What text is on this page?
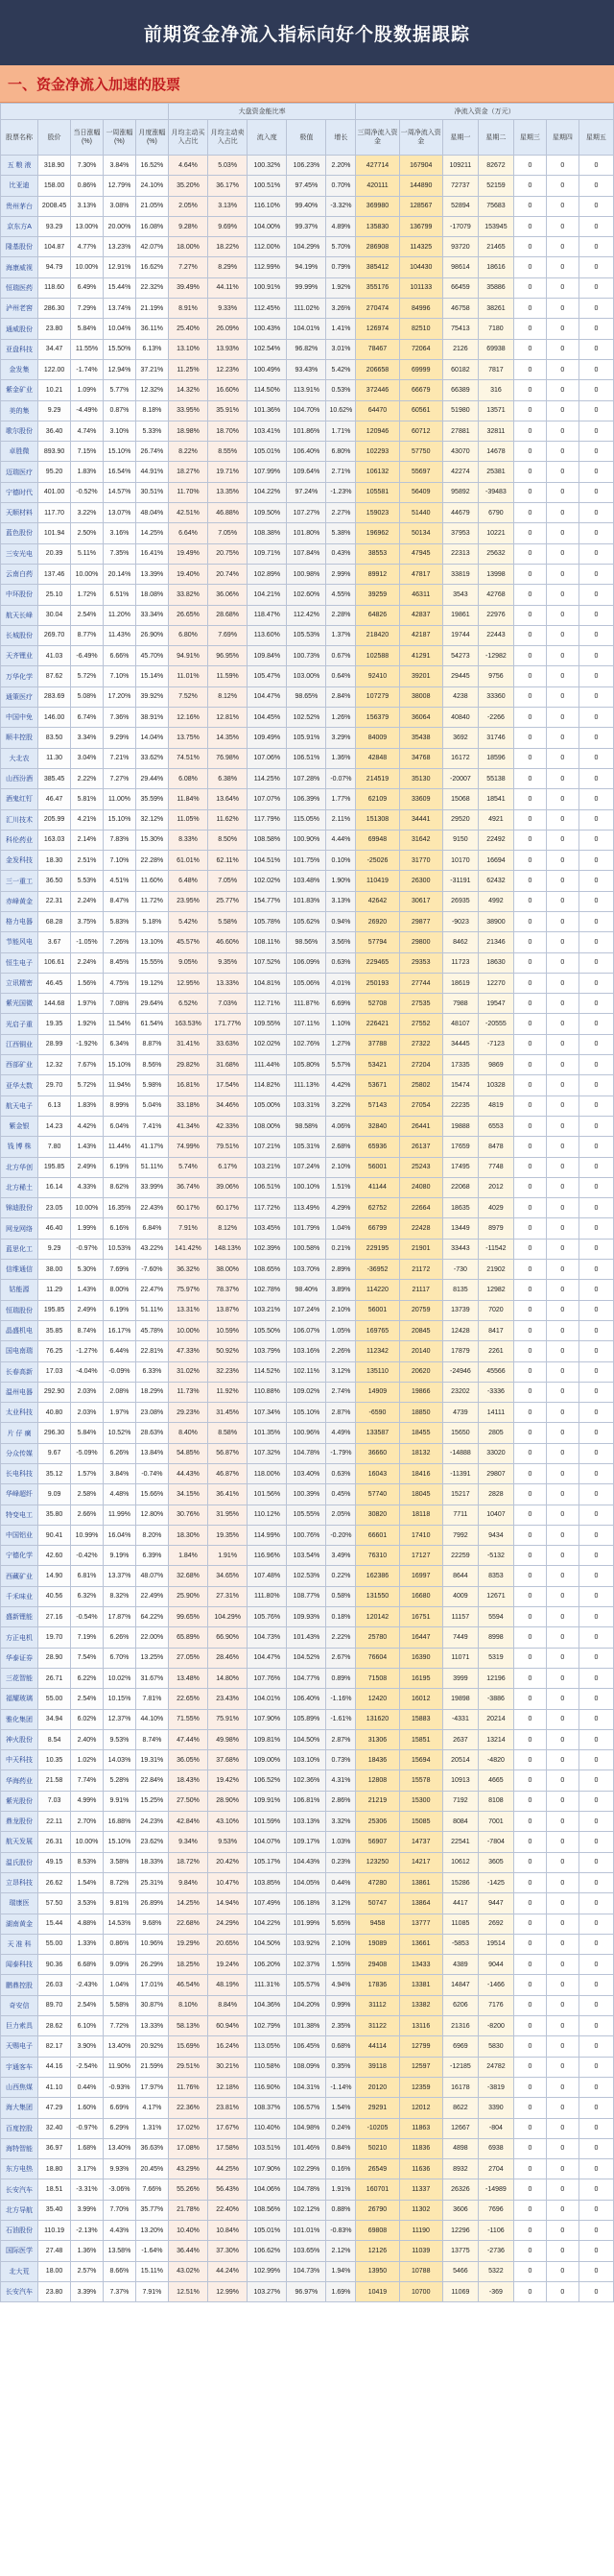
前期资金净流入指标向好个股数据跟踪
一、资金净流入加速的股票
					大盘资金能比率					净流入资金（万元）						
股票名称	股价	当日涨幅(%)	一周涨幅(%)	月度涨幅(%)	月均主动买入占比	月均主动卖入占比	流入度	极值	增长	三周净流入资金	一周净流入资金	星期一	星期二	星期三	星期四	星期五
五 粮 液	318.90	7.30%	3.84%	16.52%	4.64%	5.03%	100.32%	106.23%	2.20%	427714	167904	109211	82672	0	0	0
比亚迪	158.00	0.86%	12.79%	24.10%	35.20%	36.17%	100.51%	97.45%	0.70%	420111	144890	72737	52159	0	0	0
贵州茅台	2008.45	3.13%	3.08%	21.05%	2.05%	3.13%	116.10%	99.40%	-3.32%	369980	128567	52894	75683	0	0	0
京东方A	93.29	13.00%	20.00%	16.08%	9.28%	9.69%	104.00%	99.37%	4.89%	135830	136799	-17079	153945	0	0	0
隆基股份	104.87	4.77%	13.23%	42.07%	18.00%	18.22%	112.00%	104.29%	5.70%	286908	114325	93720	21465	0	0	0
海康威视	94.79	10.00%	12.91%	16.62%	7.27%	8.29%	112.99%	94.19%	0.79%	385412	104430	98614	18616	0	0	0
恒瑞医药	118.60	6.49%	15.44%	22.32%	39.49%	44.11%	100.91%	99.99%	1.92%	355176	101133	66459	35886	0	0	0
泸州老窖	286.30	7.29%	13.74%	21.19%	8.91%	9.33%	112.45%	111.02%	3.26%	270474	84996	46758	38261	0	0	0
通威股份	23.80	5.84%	10.04%	36.11%	25.40%	26.09%	100.43%	104.01%	1.41%	126974	82510	75413	7180	0	0	0
亚盘科技	34.47	11.55%	15.50%	6.13%	13.10%	13.93%	102.54%	96.82%	3.01%	78467	72064	2126	69938	0	0	0
金发集	122.00	-1.74%	12.94%	37.21%	11.25%	12.23%	100.49%	93.43%	5.42%	206658	69999	60182	7817	0	0	0
紫金矿业	10.21	1.09%	5.77%	12.32%	14.32%	16.60%	114.50%	113.91%	0.53%	372446	66679	66389	316	0	0	0
美的集	9.29	-4.49%	0.87%	8.18%	33.95%	35.91%	101.36%	104.70%	10.62%	64470	60561	51980	13571	0	0	0
歌尔股份	36.40	4.74%	3.10%	5.33%	18.98%	18.70%	103.41%	101.86%	1.71%	120946	60712	27881	32811	0	0	0
卓胜微	893.90	7.15%	15.10%	26.74%	8.22%	8.55%	105.01%	106.40%	6.80%	102293	57750	43070	14678	0	0	0
迈瑞医疗	95.20	1.83%	16.54%	44.91%	18.27%	19.71%	107.99%	109.64%	2.71%	106132	55697	42274	25381	0	0	0
宁德时代	401.00	-0.52%	14.57%	30.51%	11.70%	13.35%	104.22%	97.24%	-1.23%	105581	56409	95892	-39483	0	0	0
天顺材料	117.70	3.22%	13.07%	48.04%	42.51%	46.88%	109.50%	107.27%	2.27%	159023	51440	44679	6790	0	0	0
蓝色股份	101.94	2.50%	3.16%	14.25%	6.64%	7.05%	108.38%	101.80%	5.38%	196962	50134	37953	10221	0	0	0
三安光电	20.39	5.11%	7.35%	16.41%	19.49%	20.75%	109.71%	107.84%	0.43%	38553	47945	22313	25632	0	0	0
云南白药	137.46	10.00%	20.14%	13.39%	19.40%	20.74%	102.89%	100.98%	2.99%	89912	47817	33819	13998	0	0	0
中环股份	25.10	1.72%	6.51%	18.08%	33.82%	36.06%	104.21%	102.60%	4.55%	39259	46311	3543	42768	0	0	0
航天长峰	30.04	2.54%	11.20%	33.34%	26.65%	28.68%	118.47%	112.42%	2.28%	64826	42837	19861	22976	0	0	0
长城股份	269.70	8.77%	11.43%	26.90%	6.80%	7.69%	113.60%	105.53%	1.37%	218420	42187	19744	22443	0	0	0
天齐锂业	41.03	-6.49%	6.66%	45.70%	94.91%	96.95%	109.84%	100.73%	0.67%	102588	41291	54273	-12982	0	0	0
万华化学	87.62	5.72%	7.10%	15.14%	11.01%	11.59%	105.47%	103.00%	0.64%	92410	39201	29445	9756	0	0	0
通策医疗	283.69	5.08%	17.20%	39.92%	7.52%	8.12%	104.47%	98.65%	2.84%	107279	38008	4238	33360	0	0	0
中国中免	146.00	6.74%	7.36%	38.91%	12.16%	12.81%	104.45%	102.52%	1.26%	156379	36064	40840	-2266	0	0	0
顺丰控股	83.50	3.34%	9.29%	14.04%	13.75%	14.35%	109.49%	105.91%	3.29%	84009	35438	3692	31746	0	0	0
大北农	11.30	3.04%	7.21%	33.62%	74.51%	76.98%	107.06%	106.51%	1.36%	42848	34768	16172	18596	0	0	0
山西汾酒	385.45	2.22%	7.27%	29.44%	6.08%	6.38%	114.25%	107.28%	-0.07%	214519	35130	-20007	55138	0	0	0
酒鬼红钉	46.47	5.81%	11.00%	35.59%	11.84%	13.64%	107.07%	106.39%	1.77%	62109	33609	15068	18541	0	0	0
汇川技术	205.99	4.21%	15.10%	32.12%	11.05%	11.62%	117.79%	115.05%	2.11%	151308	34441	29520	4921	0	0	0
科伦药业	163.03	2.14%	7.83%	15.30%	8.33%	8.50%	108.58%	100.90%	4.44%	69948	31642	9150	22492	0	0	0
金发科技	18.30	2.51%	7.10%	22.28%	61.01%	62.11%	104.51%	101.75%	0.10%	-25026	31770	10170	16694	0	0	0
三一重工	36.50	5.53%	4.51%	11.60%	6.48%	7.05%	102.02%	103.48%	1.90%	110419	26300	-31191	62432	0	0	0
赤峰黄金	22.31	2.24%	8.47%	11.72%	23.95%	25.77%	154.77%	101.83%	3.13%	42642	30617	26935	4992	0	0	0
格力电器	68.28	3.75%	5.83%	5.18%	5.42%	5.58%	105.78%	105.62%	0.94%	26920	29877	-9023	38900	0	0	0
节能风电	3.67	-1.05%	7.26%	13.10%	45.57%	46.60%	108.11%	98.56%	3.56%	57794	29800	8462	21346	0	0	0
恒生电子	106.61	2.24%	8.45%	15.55%	9.05%	9.35%	107.52%	106.09%	0.63%	229465	29353	11723	18630	0	0	0
立讯精密	46.45	1.56%	4.75%	19.12%	12.95%	13.33%	104.81%	105.06%	4.01%	250193	27744	18619	12270	0	0	0
紫光国微	144.68	1.97%	7.08%	29.64%	6.52%	7.03%	112.71%	111.87%	6.69%	52708	27535	7988	19547	0	0	0
光启子重	19.35	1.92%	11.54%	61.54%	163.53%	171.77%	109.55%	107.11%	1.10%	226421	27552	48107	-20555	0	0	0
江西铜业	28.99	-1.92%	6.34%	8.87%	31.41%	33.63%	102.02%	102.76%	1.27%	37788	27322	34445	-7123	0	0	0
西部矿业	12.32	7.67%	15.10%	8.56%	29.82%	31.68%	111.44%	105.80%	5.57%	53421	27204	17335	9869	0	0	0
亚华太数	29.70	5.72%	11.94%	5.98%	16.81%	17.54%	114.82%	111.13%	4.42%	53671	25802	15474	10328	0	0	0
航天电子	6.13	1.83%	8.99%	5.04%	33.18%	34.46%	105.00%	103.31%	3.22%	57143	27054	22235	4819	0	0	0
紫金银	14.23	4.42%	6.04%	7.41%	41.34%	42.33%	108.00%	98.58%	4.06%	32840	26441	19888	6553	0	0	0
钱 博 株	7.80	1.43%	11.44%	41.17%	74.99%	79.51%	107.21%	105.31%	2.68%	65936	26137	17659	8478	0	0	0
北方华创	195.85	2.49%	6.19%	51.11%	5.74%	6.17%	103.21%	107.24%	2.10%	56001	25243	17495	7748	0	0	0
北方稀土	16.14	4.33%	8.62%	33.99%	36.74%	39.06%	106.51%	100.10%	1.51%	41144	24080	22068	2012	0	0	0
锦迪股份	23.05	10.00%	16.35%	22.43%	60.17%	60.17%	117.72%	113.49%	4.29%	62752	22664	18635	4029	0	0	0
网龙网络	46.40	1.99%	6.16%	6.84%	7.91%	8.12%	103.45%	101.79%	1.04%	66799	22428	13449	8979	0	0	0
蓝思化工	9.29	-0.97%	10.53%	43.22%	141.42%	148.13%	102.39%	100.58%	0.21%	229195	21901	33443	-11542	0	0	0
信维通信	38.00	5.30%	7.69%	-7.60%	36.32%	38.00%	108.65%	103.70%	2.89%	-36952	21172	-730	21902	0	0	0
钴能源	11.29	1.43%	8.00%	22.47%	75.97%	78.37%	102.78%	98.40%	3.89%	114220	21117	8135	12982	0	0	0
恒瑞股份	195.85	2.49%	6.19%	51.11%	13.31%	13.87%	103.21%	107.24%	2.10%	56001	20759	13739	7020	0	0	0
晶盛机电	35.85	8.74%	16.17%	45.78%	10.00%	10.59%	105.50%	106.07%	1.05%	169765	20845	12428	8417	0	0	0
国电南瑞	76.25	-1.27%	6.44%	22.81%	47.33%	50.92%	103.79%	103.16%	2.26%	112342	20140	17879	2261	0	0	0
长春高新	17.03	-4.04%	-0.09%	6.33%	31.02%	32.23%	114.52%	102.11%	3.12%	135110	20620	-24946	45566	0	0	0
温州电器	292.90	2.03%	2.08%	18.29%	11.73%	11.92%	110.88%	109.02%	2.74%	14909	19866	23202	-3336	0	0	0
太业科技	40.80	2.03%	1.97%	23.08%	29.23%	31.45%	107.34%	105.10%	2.87%	-6590	18850	4739	14111	0	0	0
片 仔 癀	296.30	5.84%	10.52%	28.63%	8.40%	8.58%	101.35%	100.96%	4.49%	133587	18455	15650	2805	0	0	0
分众传媒	9.67	-5.09%	6.26%	13.84%	54.85%	56.87%	107.32%	104.78%	-1.79%	36660	18132	-14888	33020	0	0	0
长电科技	35.12	1.57%	3.84%	-0.74%	44.43%	46.87%	118.00%	103.40%	0.63%	16043	18416	-11391	29807	0	0	0
华峰超纤	9.09	2.58%	4.48%	15.66%	34.15%	36.41%	101.56%	100.39%	0.45%	57740	18045	15217	2828	0	0	0
特变电工	35.80	2.66%	11.99%	12.80%	30.76%	31.95%	110.12%	105.55%	2.05%	30820	18118	7711	10407	0	0	0
中国铝业	90.41	10.99%	16.04%	8.20%	18.30%	19.35%	114.99%	100.76%	-0.20%	66601	17410	7992	9434	0	0	0
宁德化学	42.60	-0.42%	9.19%	6.39%	1.84%	1.91%	116.96%	103.54%	3.49%	76310	17127	22259	-5132	0	0	0
西藏矿业	14.90	6.81%	13.37%	48.07%	32.68%	34.65%	107.48%	102.53%	0.22%	162386	16997	8644	8353	0	0	0
千禾味业	40.56	6.32%	8.32%	22.49%	25.90%	27.31%	111.80%	108.77%	0.58%	131550	16680	4009	12671	0	0	0
盛新锂能	27.16	-0.54%	17.87%	64.22%	99.65%	104.29%	105.76%	109.93%	0.18%	120142	16751	11157	5594	0	0	0
方正电机	19.70	7.19%	6.26%	22.00%	65.89%	66.90%	104.73%	101.43%	2.22%	25780	16447	7449	8998	0	0	0
华泰证券	28.90	7.54%	6.70%	13.25%	27.05%	28.46%	104.47%	104.52%	2.67%	76604	16390	11071	5319	0	0	0
三花智能	26.71	6.22%	10.02%	31.67%	13.48%	14.80%	107.76%	104.77%	0.89%	71508	16195	3999	12196	0	0	0
福耀玻璃	55.00	2.54%	10.15%	7.81%	22.65%	23.43%	104.01%	106.40%	-1.16%	12420	16012	19898	-3886	0	0	0
雅化集团	34.94	6.02%	12.37%	44.10%	71.55%	75.91%	107.90%	105.89%	-1.61%	131620	15883	-4331	20214	0	0	0
神火股份	8.54	2.40%	9.53%	8.74%	47.44%	49.98%	109.81%	104.50%	2.87%	31306	15851	2637	13214	0	0	0
中天科技	10.35	1.02%	14.03%	19.31%	36.05%	37.68%	109.00%	103.10%	0.73%	18436	15694	20514	-4820	0	0	0
华海药业	21.58	7.74%	5.28%	22.84%	18.43%	19.42%	106.52%	102.36%	4.31%	12808	15578	10913	4665	0	0	0
紫光股份	7.03	4.99%	9.91%	15.25%	27.50%	28.90%	109.91%	106.81%	2.86%	21219	15300	7192	8108	0	0	0
鼎龙股份	22.11	2.70%	16.88%	24.23%	42.84%	43.10%	101.59%	103.13%	3.32%	25306	15085	8084	7001	0	0	0
航天发展	26.31	10.00%	15.10%	23.62%	9.34%	9.53%	104.07%	109.17%	1.03%	56907	14737	22541	-7804	0	0	0
温氏股份	49.15	8.53%	3.58%	18.33%	18.72%	20.42%	105.17%	104.43%	0.23%	123250	14217	10612	3605	0	0	0
立昂科技	26.62	1.54%	8.72%	25.31%	9.84%	10.47%	103.85%	104.05%	0.44%	47280	13861	15286	-1425	0	0	0
瑞康医	57.50	3.53%	9.81%	26.89%	14.25%	14.94%	107.49%	106.18%	3.12%	50747	13864	4417	9447	0	0	0
湖南黄金	15.44	4.88%	14.53%	9.68%	22.68%	24.29%	104.22%	101.99%	5.65%	9458	13777	11085	2692	0	0	0
天 准 科	55.00	1.33%	0.86%	10.96%	19.29%	20.65%	104.50%	103.92%	2.10%	19089	13661	-5853	19514	0	0	0
闻泰科技	90.36	6.68%	9.09%	26.29%	18.25%	19.24%	106.20%	102.37%	1.55%	29408	13433	4389	9044	0	0	0
鹏鼎控股	26.03	-2.43%	1.04%	17.01%	46.54%	48.19%	111.31%	105.57%	4.94%	17836	13381	14847	-1466	0	0	0
奇安信	89.70	2.54%	5.58%	30.87%	8.10%	8.84%	104.36%	104.20%	0.99%	31112	13382	6206	7176	0	0	0
巨力索具	28.62	6.10%	7.72%	13.33%	58.13%	60.94%	102.79%	101.38%	2.35%	31122	13116	21316	-8200	0	0	0
天赐电子	82.17	3.90%	13.40%	20.92%	15.69%	16.24%	113.05%	106.45%	0.68%	44114	12799	6969	5830	0	0	0
宇通客车	44.16	-2.54%	11.90%	21.59%	29.51%	30.21%	110.58%	108.09%	0.35%	39118	12597	-12185	24782	0	0	0
山西焦煤	41.10	0.44%	-0.93%	17.97%	11.76%	12.18%	116.90%	104.31%	-1.14%	20120	12359	16178	-3819	0	0	0
海大集团	47.29	1.60%	6.69%	4.17%	22.36%	23.81%	108.37%	106.57%	1.54%	29291	12012	8622	3390	0	0	0
百度控股	32.40	-0.97%	6.29%	1.31%	17.02%	17.67%	110.40%	104.98%	0.24%	-10205	11863	12667	-804	0	0	0
海特智能	36.97	1.68%	13.40%	36.63%	17.08%	17.58%	103.51%	101.46%	0.84%	50210	11836	4898	6938	0	0	0
东方电热	18.80	3.17%	9.93%	20.45%	43.29%	44.25%	107.90%	102.29%	0.16%	26549	11636	8932	2704	0	0	0
长安汽车	18.51	-3.31%	-3.06%	7.66%	55.26%	56.43%	104.06%	104.78%	1.91%	160701	11337	26326	-14989	0	0	0
北方导航	35.40	3.99%	7.70%	35.77%	21.78%	22.40%	108.56%	102.12%	0.88%	26790	11302	3606	7696	0	0	0
石油股份	110.19	-2.13%	4.43%	13.20%	10.40%	10.84%	105.01%	101.01%	-0.83%	69808	11190	12296	-1106	0	0	0
国际医学	27.48	1.36%	13.58%	-1.64%	36.44%	37.30%	106.62%	103.65%	2.12%	12126	11039	13775	-2736	0	0	0
北大荒	18.00	2.57%	8.66%	15.11%	43.02%	44.24%	102.99%	104.73%	1.94%	13950	10788	5466	5322	0	0	0
长安汽车	23.80	3.39%	7.37%	7.91%	12.51%	12.99%	103.27%	96.97%	1.69%	10419	10700	11069	-369	0	0	0
